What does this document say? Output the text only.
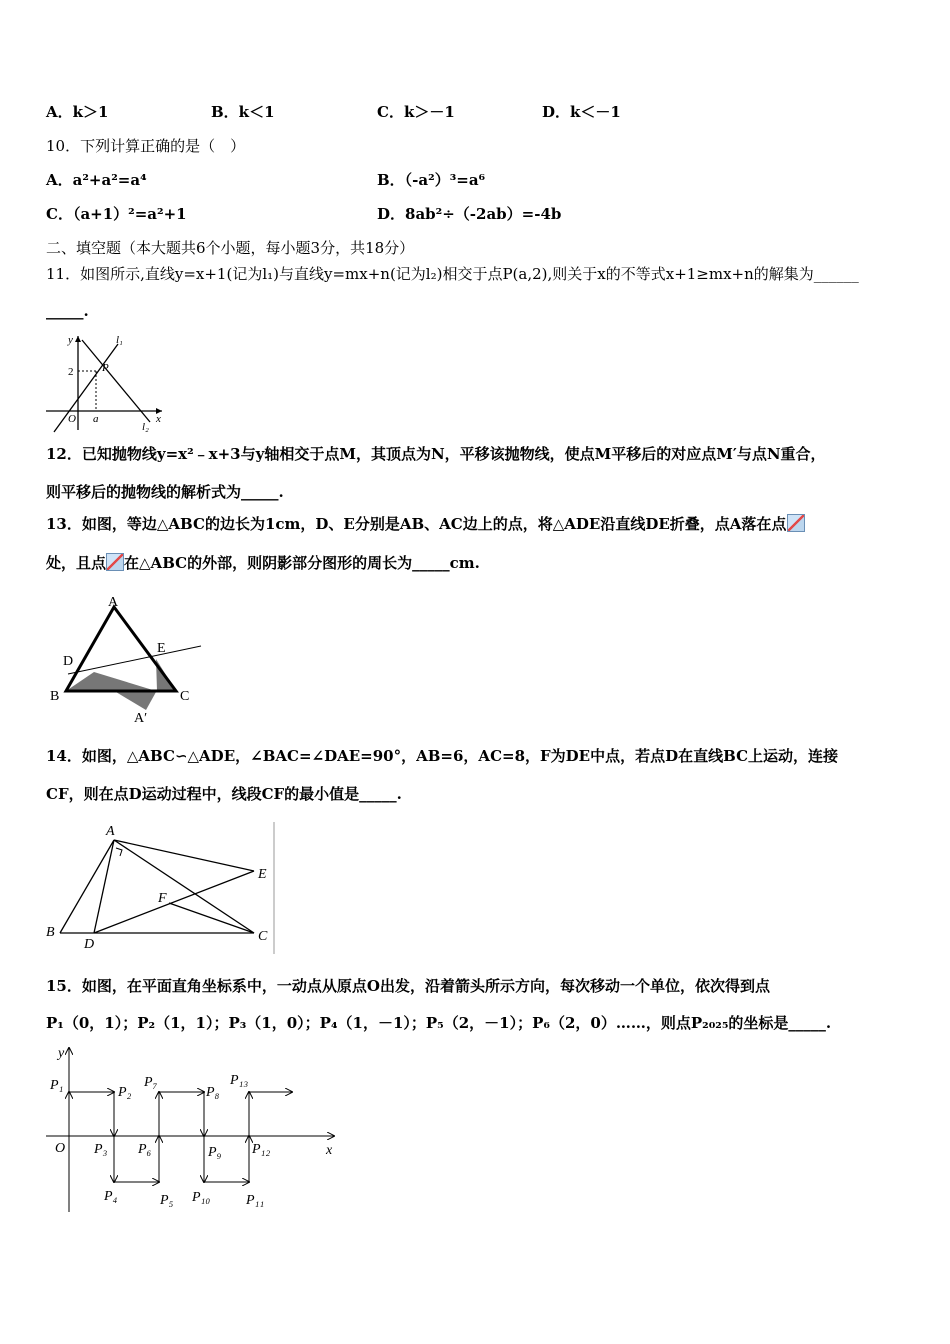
A．k＞1	B．k＜1	C．k＞－1	D．k＜－1
10．下列计算正确的是（　）
A．a²+a²=a⁴	B．（-a²）³=a⁶
C．（a+1）²=a²+1	D．8ab²÷（-2ab）=-4b
二、填空题（本大题共6个小题，每小题3分，共18分）
11．如图所示,直线y=x+1(记为l₁)与直线y=mx+n(记为l₂)相交于点P(a,2),则关于x的不等式x+1≥mx+n的解集为______
_____.
y
x
l₁
l₂
P
2
O a
12．已知抛物线y=x²﹣x+3与y轴相交于点M，其顶点为N，平移该抛物线，使点M平移后的对应点M′与点N重合，
则平移后的抛物线的解析式为_____.
13．如图，等边△ABC的边长为1cm，D、E分别是AB、AC边上的点，将△ADE沿直线DE折叠，点A落在点
处，且点 在△ABC的外部，则阴影部分图形的周长为_____cm.
A
B	C
D
E
A′
14．如图，△ABC∽△ADE，∠BAC=∠DAE=90°，AB=6，AC=8，F为DE中点，若点D在直线BC上运动，连接
CF，则在点D运动过程中，线段CF的最小值是_____.
A
B	C
D
E
F
15．如图，在平面直角坐标系中，一动点从原点O出发，沿着箭头所示方向，每次移动一个单位，依次得到点
P₁（0，1）；P₂（1，1）；P₃（1，0）；P₄（1，－1）；P₅（2，－1）；P₆（2，0）……，则点P₂₀₂₅的坐标是_____.
y
x
O
P₁	P₂
P₃
P₄	P₅
P₆
P₇
P₈
P₉
P₁₀	P₁₁
P₁₂
P₁₃
